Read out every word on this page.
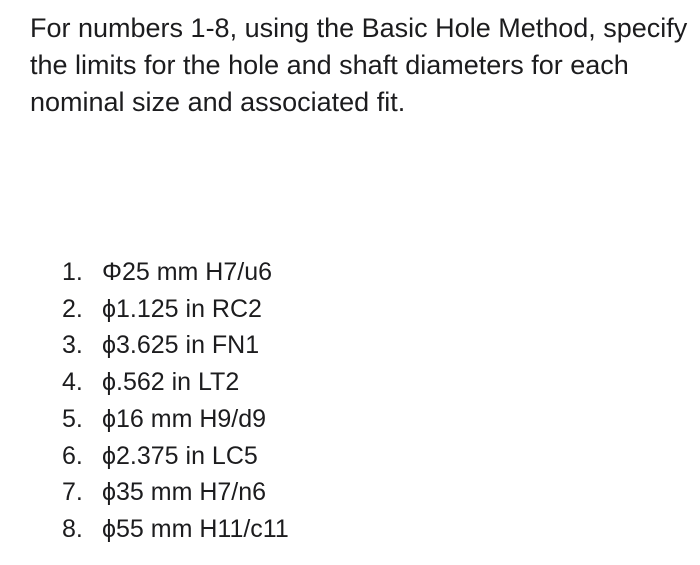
For numbers 1-8, using the Basic Hole Method, specify the limits for the hole and shaft diameters for each nominal size and associated fit.

1. Φ25 mm H7/u6
2. ϕ1.125 in RC2
3. ϕ3.625 in FN1
4. ϕ.562 in LT2
5. ϕ16 mm H9/d9
6. ϕ2.375 in LC5
7. ϕ35 mm H7/n6
8. ϕ55 mm H11/c11
